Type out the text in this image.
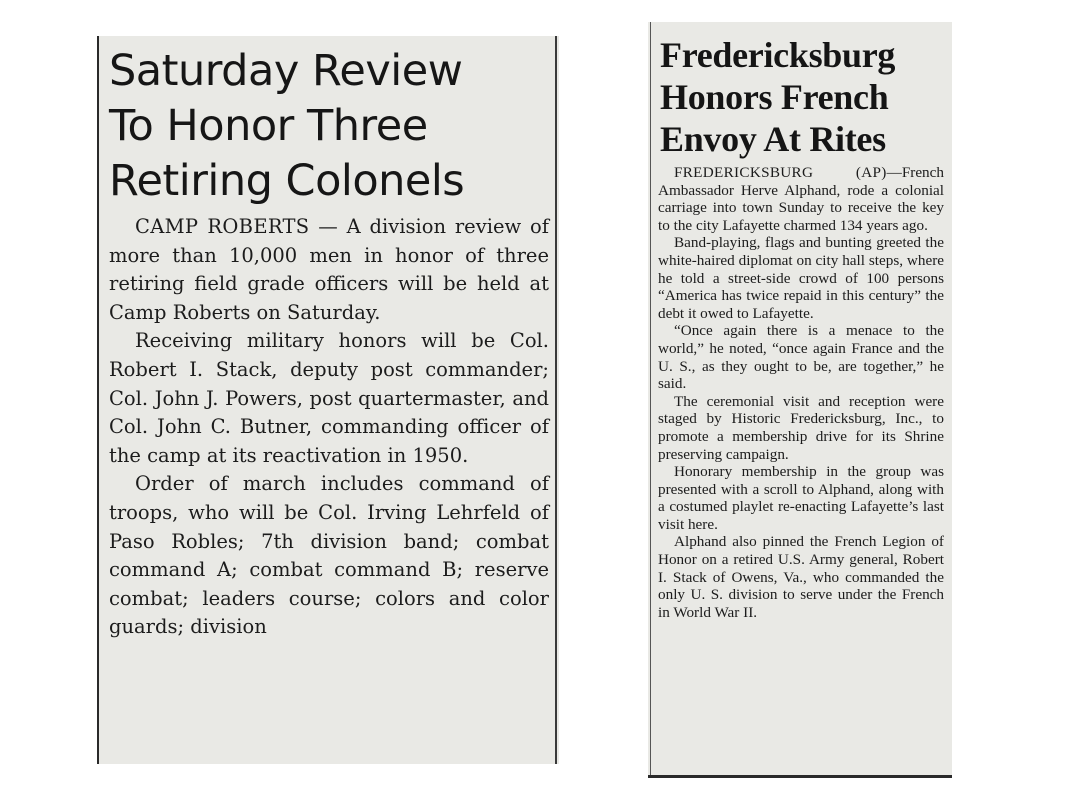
Saturday Review
To Honor Three
Retiring Colonels

CAMP ROBERTS — A division review of more than 10,000 men in honor of three retiring field grade officers will be held at Camp Roberts on Saturday.

Receiving military honors will be Col. Robert I. Stack, deputy post commander; Col. John J. Powers, post quartermaster, and Col. John C. Butner, commanding officer of the camp at its reactivation in 1950.

Order of march includes command of troops, who will be Col. Irving Lehrfeld of Paso Robles; 7th division band; combat command A; combat command B; reserve combat; leaders course; colors and color guards; division

Fredericksburg
Honors French
Envoy At Rites

FREDERICKSBURG (AP)—French Ambassador Herve Alphand, rode a colonial carriage into town Sunday to receive the key to the city Lafayette charmed 134 years ago.

Band-playing, flags and bunting greeted the white-haired diplomat on city hall steps, where he told a street-side crowd of 100 persons “America has twice repaid in this century” the debt it owed to Lafayette.

“Once again there is a menace to the world,” he noted, “once again France and the U. S., as they ought to be, are together,” he said.

The ceremonial visit and reception were staged by Historic Fredericksburg, Inc., to promote a membership drive for its Shrine preserving campaign.

Honorary membership in the group was presented with a scroll to Alphand, along with a costumed playlet re-enacting Lafayette’s last visit here.

Alphand also pinned the French Legion of Honor on a retired U.S. Army general, Robert I. Stack of Owens, Va., who commanded the only U. S. division to serve under the French in World War II.
